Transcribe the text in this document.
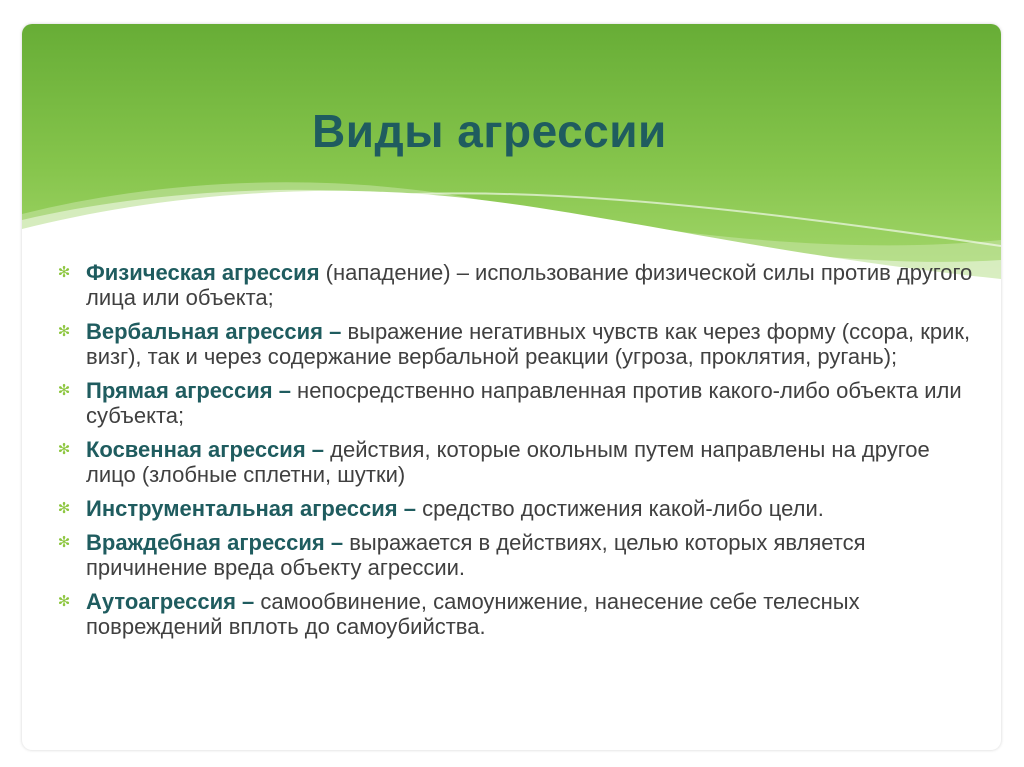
Виды агрессии
✻ Физическая агрессия (нападение) – использование физической силы против другого лица или объекта;
✻ Вербальная агрессия – выражение негативных чувств как через форму (ссора, крик, визг), так и через содержание вербальной реакции (угроза, проклятия, ругань);
✻ Прямая агрессия – непосредственно направленная против какого-либо объекта или субъекта;
✻ Косвенная агрессия – действия, которые окольным путем направлены на другое лицо (злобные сплетни, шутки)
✻ Инструментальная агрессия – средство достижения какой-либо цели.
✻ Враждебная агрессия – выражается в действиях, целью которых является причинение вреда объекту агрессии.
✻ Аутоагрессия – самообвинение, самоунижение, нанесение себе телесных повреждений вплоть до самоубийства.
